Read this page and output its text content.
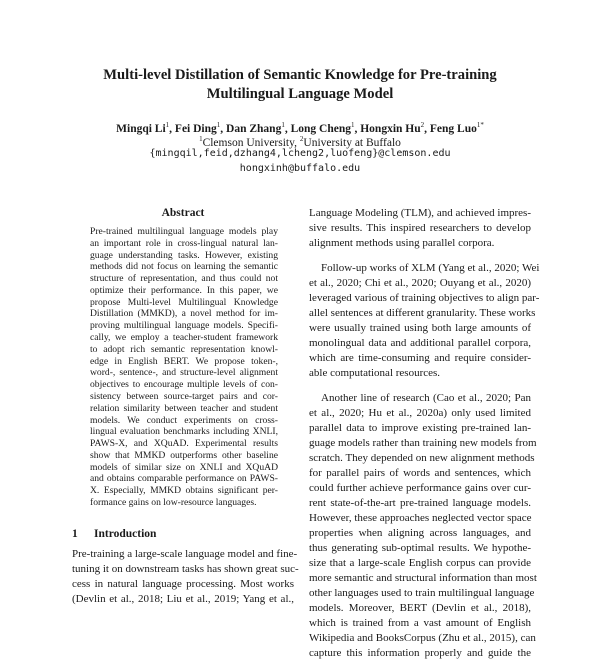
Multi-level Distillation of Semantic Knowledge for Pre-training
Multilingual Language Model
Mingqi Li$^1$, Fei Ding$^1$, Dan Zhang$^1$, Long Cheng$^1$, Hongxin Hu$^2$, Feng Luo$^{1*}$
$^1$Clemson University, $^2$University at Buffalo
{mingqil,feid,dzhang4,lcheng2,luofeng}@clemson.edu
hongxinh@buffalo.edu
Abstract
Pre-trained multilingual language models play
an important role in cross-lingual natural lan-
guage understanding tasks. However, existing
methods did not focus on learning the semantic
structure of representation, and thus could not
optimize their performance. In this paper, we
propose Multi-level Multilingual Knowledge
Distillation (MMKD), a novel method for im-
proving multilingual language models. Specifi-
cally, we employ a teacher-student framework
to adopt rich semantic representation knowl-
edge in English BERT. We propose token-,
word-, sentence-, and structure-level alignment
objectives to encourage multiple levels of con-
sistency between source-target pairs and cor-
relation similarity between teacher and student
models. We conduct experiments on cross-
lingual evaluation benchmarks including XNLI,
PAWS-X, and XQuAD. Experimental results
show that MMKD outperforms other baseline
models of similar size on XNLI and XQuAD
and obtains comparable performance on PAWS-
X. Especially, MMKD obtains significant per-
formance gains on low-resource languages.
1 Introduction
Pre-training a large-scale language model and fine-
tuning it on downstream tasks has shown great suc-
cess in natural language processing. Most works
(Devlin et al., 2018; Liu et al., 2019; Yang et al.,
Language Modeling (TLM), and achieved impres-
sive results. This inspired researchers to develop
alignment methods using parallel corpora.
Follow-up works of XLM (Yang et al., 2020; Wei
et al., 2020; Chi et al., 2020; Ouyang et al., 2020)
leveraged various of training objectives to align par-
allel sentences at different granularity. These works
were usually trained using both large amounts of
monolingual data and additional parallel corpora,
which are time-consuming and require consider-
able computational resources.
Another line of research (Cao et al., 2020; Pan
et al., 2020; Hu et al., 2020a) only used limited
parallel data to improve existing pre-trained lan-
guage models rather than training new models from
scratch. They depended on new alignment methods
for parallel pairs of words and sentences, which
could further achieve performance gains over cur-
rent state-of-the-art pre-trained language models.
However, these approaches neglected vector space
properties when aligning across languages, and
thus generating sub-optimal results. We hypothe-
size that a large-scale English corpus can provide
more semantic and structural information than most
other languages used to train multilingual language
models. Moreover, BERT (Devlin et al., 2018),
which is trained from a vast amount of English
Wikipedia and BooksCorpus (Zhu et al., 2015), can
capture this information properly and guide the
